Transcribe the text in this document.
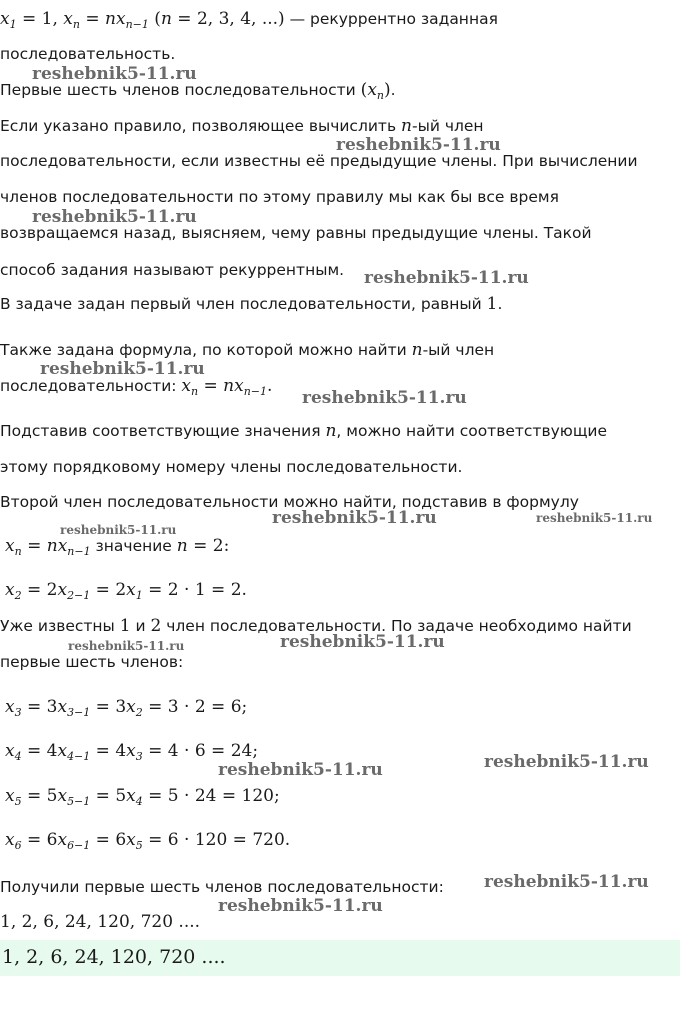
$x_1 = 1$, $x_n = nx_{n-1}$ (n = 2, 3, 4, ...) — рекуррентно заданная
последовательность.
Первые шесть членов последовательности $(x_n)$.
Если указано правило, позволяющее вычислить n-ый член
последовательности, если известны её предыдущие члены. При вычислении
членов последовательности по этому правилу мы как бы все время
возвращаемся назад, выясняем, чему равны предыдущие члены. Такой
способ задания называют рекуррентным.
В задаче задан первый член последовательности, равный 1.
Также задана формула, по которой можно найти n-ый член
последовательности: $x_n = nx_{n-1}$.
Подставив соответствующие значения n, можно найти соответствующие
этому порядковому номеру члены последовательности.
Второй член последовательности можно найти, подставив в формулу
$x_n = nx_{n-1}$ значение n = 2:
$x_2 = 2x_{2-1} = 2x_1 = 2 \cdot 1 = 2$.
Уже известны 1 и 2 член последовательности. По задаче необходимо найти
первые шесть членов:
$x_3 = 3x_{3-1} = 3x_2 = 3 \cdot 2 = 6$;
$x_4 = 4x_{4-1} = 4x_3 = 4 \cdot 6 = 24$;
$x_5 = 5x_{5-1} = 5x_4 = 5 \cdot 24 = 120$;
$x_6 = 6x_{6-1} = 6x_5 = 6 \cdot 120 = 720$.
Получили первые шесть членов последовательности:
1, 2, 6, 24, 120, 720 ....
1, 2, 6, 24, 120, 720 ....
reshebnik5-11.ru
reshebnik5-11.ru
reshebnik5-11.ru
reshebnik5-11.ru
reshebnik5-11.ru
reshebnik5-11.ru
reshebnik5-11.ru	reshebnik5-11.ru
reshebnik5-11.ru
reshebnik5-11.ru
reshebnik5-11.ru
reshebnik5-11.ru
reshebnik5-11.ru
reshebnik5-11.ru
reshebnik5-11.ru
